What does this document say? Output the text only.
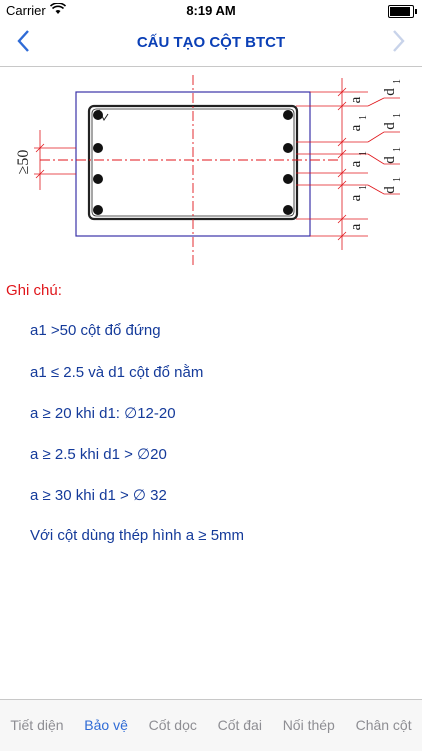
Carrier	8:19 AM
CẤU TẠO CỘT BTCT
≥50
a
a
a
a
a
d
d
d
d
1
1
1
1
1
1
1
Ghi chú:
a1 >50 cột đổ đứng
a1 ≤ 2.5 và d1 cột đổ nằm
a ≥ 20 khi d1: ∅12-20
a ≥ 2.5 khi d1 > ∅20
a ≥ 30 khi d1 > ∅ 32
Với cột dùng thép hình a ≥ 5mm
Tiết diện	Bảo vệ	Cốt dọc	Cốt đai	Nối thép	Chân cột
